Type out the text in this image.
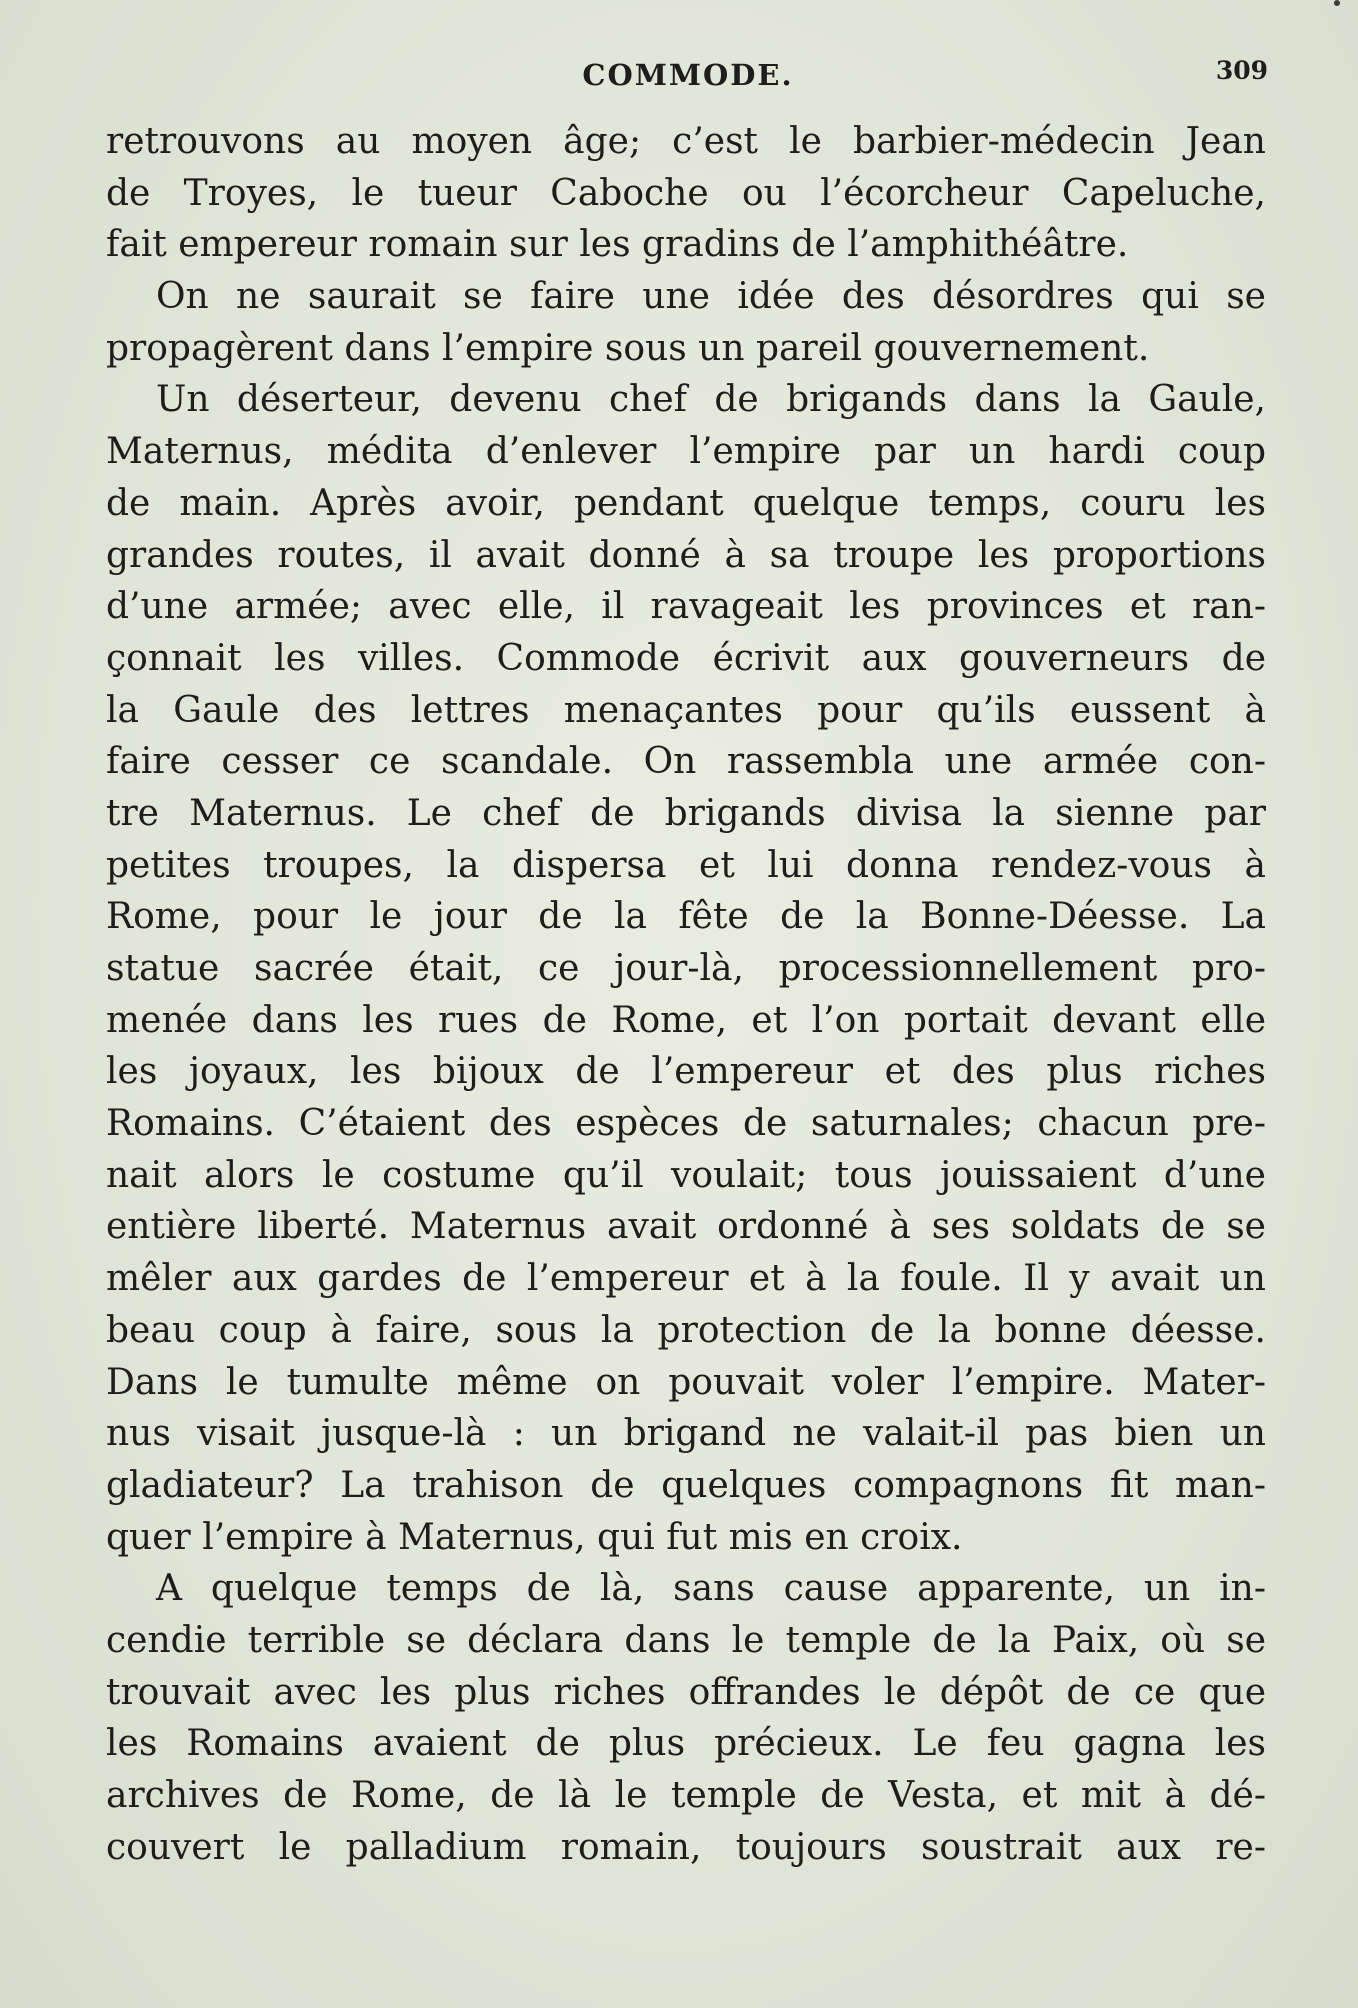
COMMODE.	309
retrouvons au moyen âge; c’est le barbier-médecin Jean
de Troyes, le tueur Caboche ou l’écorcheur Capeluche,
fait empereur romain sur les gradins de l’amphithéâtre.
On ne saurait se faire une idée des désordres qui se
propagèrent dans l’empire sous un pareil gouvernement.
Un déserteur, devenu chef de brigands dans la Gaule,
Maternus, médita d’enlever l’empire par un hardi coup
de main. Après avoir, pendant quelque temps, couru les
grandes routes, il avait donné à sa troupe les proportions
d’une armée; avec elle, il ravageait les provinces et ran-
çonnait les villes. Commode écrivit aux gouverneurs de
la Gaule des lettres menaçantes pour qu’ils eussent à
faire cesser ce scandale. On rassembla une armée con-
tre Maternus. Le chef de brigands divisa la sienne par
petites troupes, la dispersa et lui donna rendez-vous à
Rome, pour le jour de la fête de la Bonne-Déesse. La
statue sacrée était, ce jour-là, processionnellement pro-
menée dans les rues de Rome, et l’on portait devant elle
les joyaux, les bijoux de l’empereur et des plus riches
Romains. C’étaient des espèces de saturnales; chacun pre-
nait alors le costume qu’il voulait; tous jouissaient d’une
entière liberté. Maternus avait ordonné à ses soldats de se
mêler aux gardes de l’empereur et à la foule. Il y avait un
beau coup à faire, sous la protection de la bonne déesse.
Dans le tumulte même on pouvait voler l’empire. Mater-
nus visait jusque-là : un brigand ne valait-il pas bien un
gladiateur? La trahison de quelques compagnons fit man-
quer l’empire à Maternus, qui fut mis en croix.
A quelque temps de là, sans cause apparente, un in-
cendie terrible se déclara dans le temple de la Paix, où se
trouvait avec les plus riches offrandes le dépôt de ce que
les Romains avaient de plus précieux. Le feu gagna les
archives de Rome, de là le temple de Vesta, et mit à dé-
couvert le palladium romain, toujours soustrait aux re-
